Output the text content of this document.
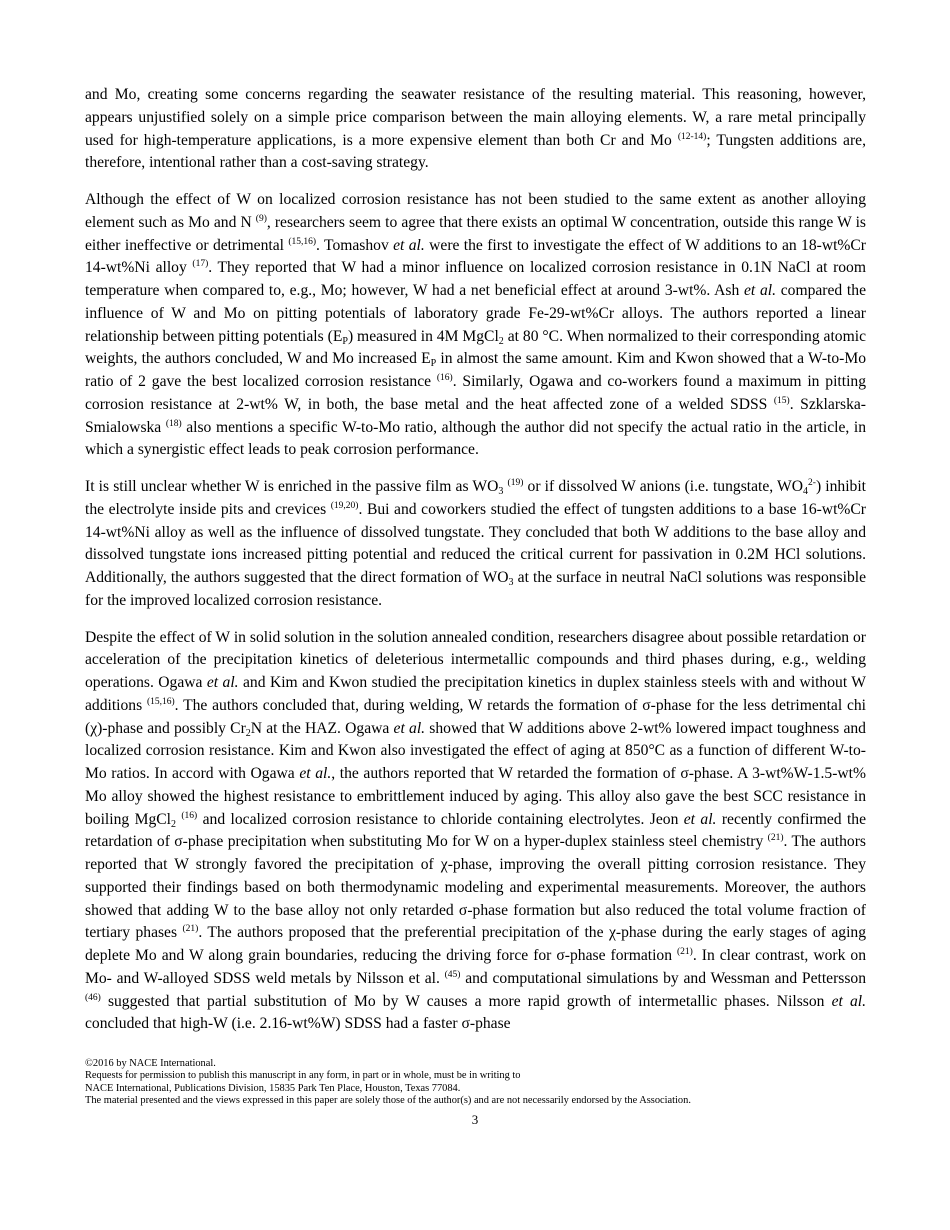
and Mo, creating some concerns regarding the seawater resistance of the resulting material. This reasoning, however, appears unjustified solely on a simple price comparison between the main alloying elements. W, a rare metal principally used for high-temperature applications, is a more expensive element than both Cr and Mo $^{(12-14)}$; Tungsten additions are, therefore, intentional rather than a cost-saving strategy.

Although the effect of W on localized corrosion resistance has not been studied to the same extent as another alloying element such as Mo and N $^{(9)}$, researchers seem to agree that there exists an optimal W concentration, outside this range W is either ineffective or detrimental $^{(15,16)}$. Tomashov et al. were the first to investigate the effect of W additions to an 18-wt%Cr 14-wt%Ni alloy $^{(17)}$. They reported that W had a minor influence on localized corrosion resistance in 0.1N NaCl at room temperature when compared to, e.g., Mo; however, W had a net beneficial effect at around 3-wt%. Ash et al. compared the influence of W and Mo on pitting potentials of laboratory grade Fe-29-wt%Cr alloys. The authors reported a linear relationship between pitting potentials $(E_P)$ measured in 4M MgCl$_2$ at 80 °C. When normalized to their corresponding atomic weights, the authors concluded, W and Mo increased $E_P$ in almost the same amount. Kim and Kwon showed that a W-to-Mo ratio of 2 gave the best localized corrosion resistance $^{(16)}$. Similarly, Ogawa and co-workers found a maximum in pitting corrosion resistance at 2-wt% W, in both, the base metal and the heat affected zone of a welded SDSS $^{(15)}$. Szklarska-Smialowska $^{(18)}$ also mentions a specific W-to-Mo ratio, although the author did not specify the actual ratio in the article, in which a synergistic effect leads to peak corrosion performance.

It is still unclear whether W is enriched in the passive film as $WO_3$ $^{(19)}$ or if dissolved W anions (i.e. tungstate, $WO_4^{2-}$) inhibit the electrolyte inside pits and crevices $^{(19,20)}$. Bui and coworkers studied the effect of tungsten additions to a base 16-wt%Cr 14-wt%Ni alloy as well as the influence of dissolved tungstate. They concluded that both W additions to the base alloy and dissolved tungstate ions increased pitting potential and reduced the critical current for passivation in 0.2M HCl solutions. Additionally, the authors suggested that the direct formation of $WO_3$ at the surface in neutral NaCl solutions was responsible for the improved localized corrosion resistance.

Despite the effect of W in solid solution in the solution annealed condition, researchers disagree about possible retardation or acceleration of the precipitation kinetics of deleterious intermetallic compounds and third phases during, e.g., welding operations. Ogawa et al. and Kim and Kwon studied the precipitation kinetics in duplex stainless steels with and without W additions $^{(15,16)}$. The authors concluded that, during welding, W retards the formation of σ-phase for the less detrimental chi (χ)-phase and possibly $Cr_2N$ at the HAZ. Ogawa et al. showed that W additions above 2-wt% lowered impact toughness and localized corrosion resistance. Kim and Kwon also investigated the effect of aging at 850°C as a function of different W-to-Mo ratios. In accord with Ogawa et al., the authors reported that W retarded the formation of σ-phase. A 3-wt%W-1.5-wt% Mo alloy showed the highest resistance to embrittlement induced by aging. This alloy also gave the best SCC resistance in boiling MgCl$_2$ $^{(16)}$ and localized corrosion resistance to chloride containing electrolytes. Jeon et al. recently confirmed the retardation of σ-phase precipitation when substituting Mo for W on a hyper-duplex stainless steel chemistry $^{(21)}$. The authors reported that W strongly favored the precipitation of χ-phase, improving the overall pitting corrosion resistance. They supported their findings based on both thermodynamic modeling and experimental measurements. Moreover, the authors showed that adding W to the base alloy not only retarded σ-phase formation but also reduced the total volume fraction of tertiary phases $^{(21)}$. The authors proposed that the preferential precipitation of the χ-phase during the early stages of aging deplete Mo and W along grain boundaries, reducing the driving force for σ-phase formation $^{(21)}$. In clear contrast, work on Mo- and W-alloyed SDSS weld metals by Nilsson et al. $^{(45)}$ and computational simulations by and Wessman and Pettersson $^{(46)}$ suggested that partial substitution of Mo by W causes a more rapid growth of intermetallic phases. Nilsson et al. concluded that high-W (i.e. 2.16-wt%W) SDSS had a faster σ-phase

©2016 by NACE International.
Requests for permission to publish this manuscript in any form, in part or in whole, must be in writing to
NACE International, Publications Division, 15835 Park Ten Place, Houston, Texas 77084.
The material presented and the views expressed in this paper are solely those of the author(s) and are not necessarily endorsed by the Association.
3
